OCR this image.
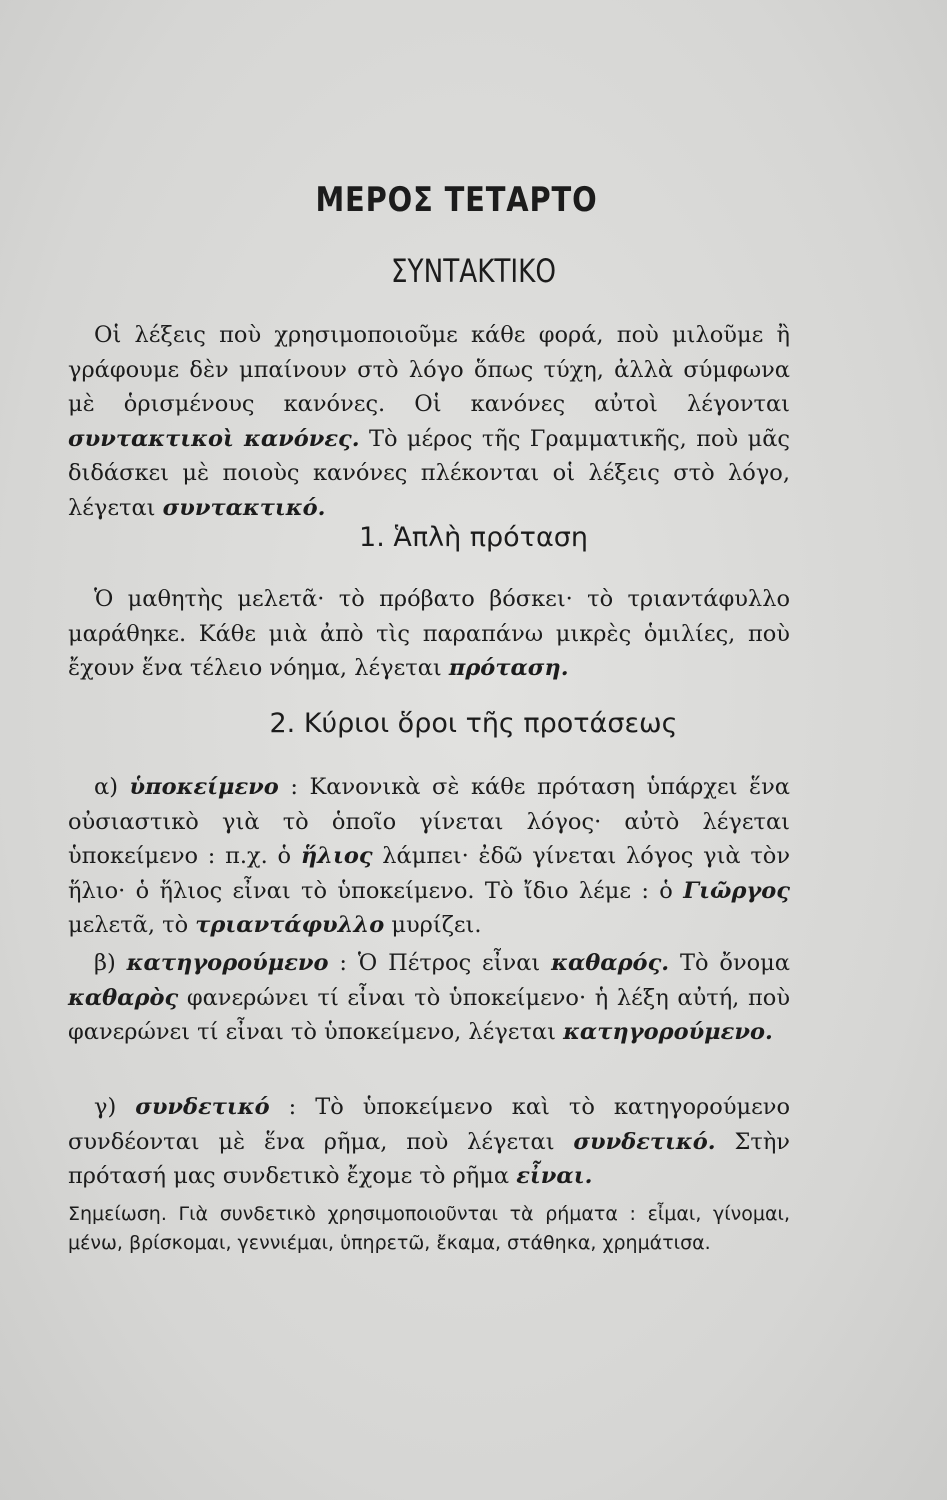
ΜΕΡΟΣ ΤΕΤΑΡΤΟ
ΣΥΝΤΑΚΤΙΚΟ

Οἱ λέξεις ποὺ χρησιμοποιοῦμε κάθε φορά, ποὺ μιλοῦμε ἢ γράφουμε δὲν μπαίνουν στὸ λόγο ὅπως τύχη, ἀλλὰ σύμφωνα μὲ ὁρισμένους κανόνες. Οἱ κανόνες αὐτοὶ λέγονται συντακτικοὶ κανόνες. Τὸ μέρος τῆς Γραμματικῆς, ποὺ μᾶς διδάσκει μὲ ποιοὺς κανόνες πλέκονται οἱ λέξεις στὸ λόγο, λέγεται συντακτικό.

1. Ἁπλὴ πρόταση

Ὁ μαθητὴς μελετᾶ· τὸ πρόβατο βόσκει· τὸ τριαντάφυλλο μαράθηκε. Κάθε μιὰ ἀπὸ τὶς παραπάνω μικρὲς ὁμιλίες, ποὺ ἔχουν ἕνα τέλειο νόημα, λέγεται πρόταση.

2. Κύριοι ὅροι τῆς προτάσεως

α) ὑποκείμενο : Κανονικὰ σὲ κάθε πρόταση ὑπάρχει ἕνα οὐσιαστικὸ γιὰ τὸ ὁποῖο γίνεται λόγος· αὐτὸ λέγεται ὑποκείμενο : π.χ. ὁ ἥλιος λάμπει· ἐδῶ γίνεται λόγος γιὰ τὸν ἥλιο· ὁ ἥλιος εἶναι τὸ ὑποκείμενο. Τὸ ἴδιο λέμε : ὁ Γιῶργος μελετᾶ, τὸ τριαντάφυλλο μυρίζει.

β) κατηγορούμενο : Ὁ Πέτρος εἶναι καθαρός. Τὸ ὄνομα καθαρὸς φανερώνει τί εἶναι τὸ ὑποκείμενο· ἡ λέξη αὐτή, ποὺ φανερώνει τί εἶναι τὸ ὑποκείμενο, λέγεται κατηγορούμενο.

γ) συνδετικό : Τὸ ὑποκείμενο καὶ τὸ κατηγορούμενο συνδέονται μὲ ἕνα ρῆμα, ποὺ λέγεται συνδετικό. Στὴν πρότασή μας συνδετικὸ ἔχομε τὸ ρῆμα εἶναι.

Σημείωση. Γιὰ συνδετικὸ χρησιμοποιοῦνται τὰ ρήματα : εἶμαι, γίνομαι, μένω, βρίσκομαι, γεννιέμαι, ὑπηρετῶ, ἔκαμα, στάθηκα, χρημάτισα.
